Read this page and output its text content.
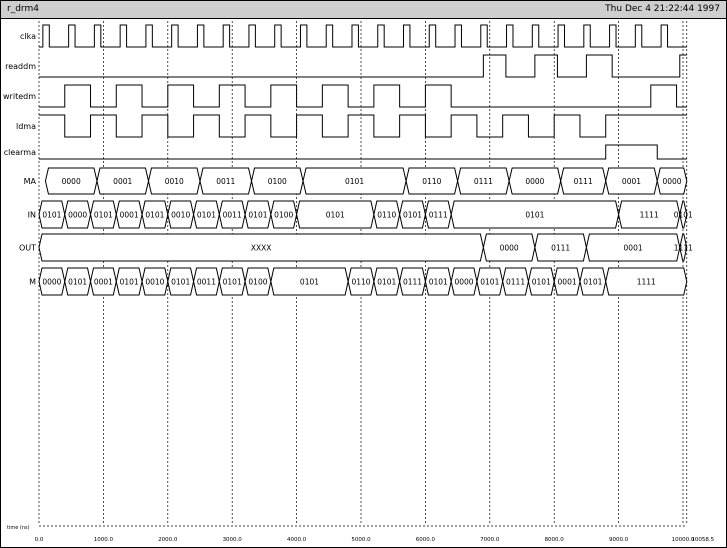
r_drm4	Thu Dec 4 21:22:44 1997
clka
readdm
writedm
ldma
clearma
MA	0000	0001	0010	0011	0100	0101	0110	0111	0000	0111	0001	0000
IN 0101 0000 0101 0001 0101 0010 0101 0011 0101 0100	0101	0110 0101 0111	0101	1111 0101
OUT	XXXX	0000	0111	0001	1111
M 0000 0101 0001 0101 0010 0101 0011 0101 0100	0101	0110 0101 0111 0101 0000 0101 0111 0101 0001 0101	1111
time (ns)
0.0	1000.0	2000.0	3000.0	4000.0	5000.0	6000.0	7000.0	8000.0	9000.0	10000.0
10058.5
